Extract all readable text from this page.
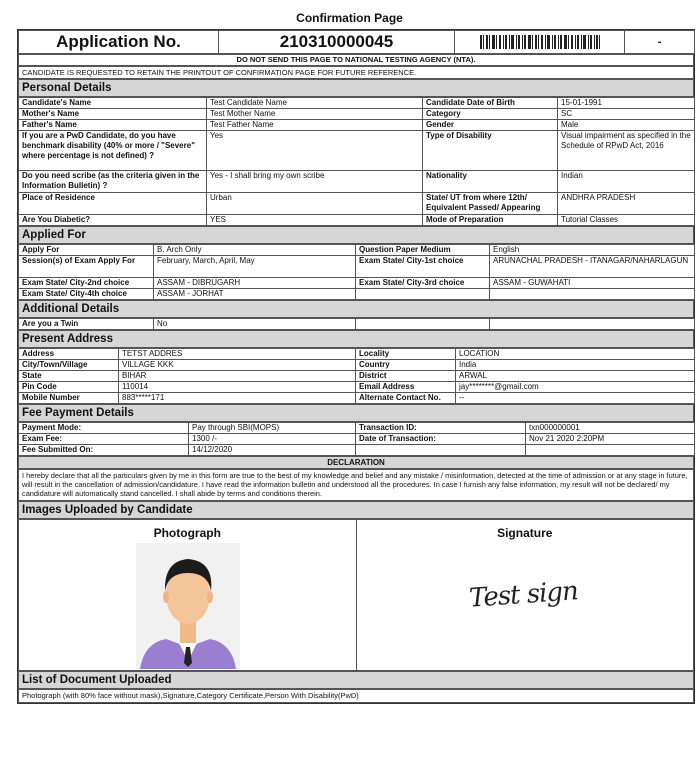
Confirmation Page
Application No.	210310000045		-
DO NOT SEND THIS PAGE TO NATIONAL TESTING AGENCY (NTA).
CANDIDATE IS REQUESTED TO RETAIN THE PRINTOUT OF CONFIRMATION PAGE FOR FUTURE REFERENCE.
Personal Details
Candidate's Name	Test Candidate Name	Candidate Date of Birth	15-01-1991
Mother's Name	Test Mother Name	Category	SC
Father's Name	Test Father Name	Gender	Male
If you are a PwD Candidate, do you have benchmark disability (40% or more / "Severe" where percentage is not defined) ?	Yes	Type of Disability	Visual impairment as specified in the Schedule of RPwD Act, 2016
Do you need scribe (as the criteria given in the Information Bulletin) ?	Yes - I shall bring my own scribe	Nationality	Indian
Place of Residence	Urban	State/ UT from where 12th/ Equivalent Passed/ Appearing	ANDHRA PRADESH
Are You Diabetic?	YES	Mode of Preparation	Tutorial Classes
Applied For
Apply For	B. Arch Only	Question Paper Medium	English
Session(s) of Exam Apply For	February, March, April, May	Exam State/ City-1st choice	ARUNACHAL PRADESH - ITANAGAR/NAHARLAGUN
Exam State/ City-2nd choice	ASSAM - DIBRUGARH	Exam State/ City-3rd choice	ASSAM - GUWAHATI
Exam State/ City-4th choice	ASSAM - JORHAT		
Additional Details
Are you a Twin	No		
Present Address
Address	TETST ADDRES	Locality	LOCATION
City/Town/Village	VILLAGE KKK	Country	India
State	BIHAR	District	ARWAL
Pin Code	110014	Email Address	jay********@gmail.com
Mobile Number	883*****171	Alternate Contact No.	--
Fee Payment Details
Payment Mode:	Pay through SBI(MOPS)	Transaction ID:	txn000000001
Exam Fee:	1300 /-	Date of Transaction:	Nov 21 2020 2:20PM
Fee Submitted On:	14/12/2020		
DECLARATION
I hereby declare that all the particulars given by me in this form are true to the best of my knowledge and belief and any mistake / misinformation, detected at the time of admission or at any stage in future, will result in the cancellation of admission/candidature. I have read the information bulletin and understood all the procedures. In case I furnish any false information, my result will not be declared/ my candidature will automatically stand cancelled. I shall abide by terms and conditions therein.
Images Uploaded by Candidate
Photograph	Signature
Test sign
List of Document Uploaded
Photograph (with 80% face without mask),Signature,Category Certificate,Person With Disability(PwD)
